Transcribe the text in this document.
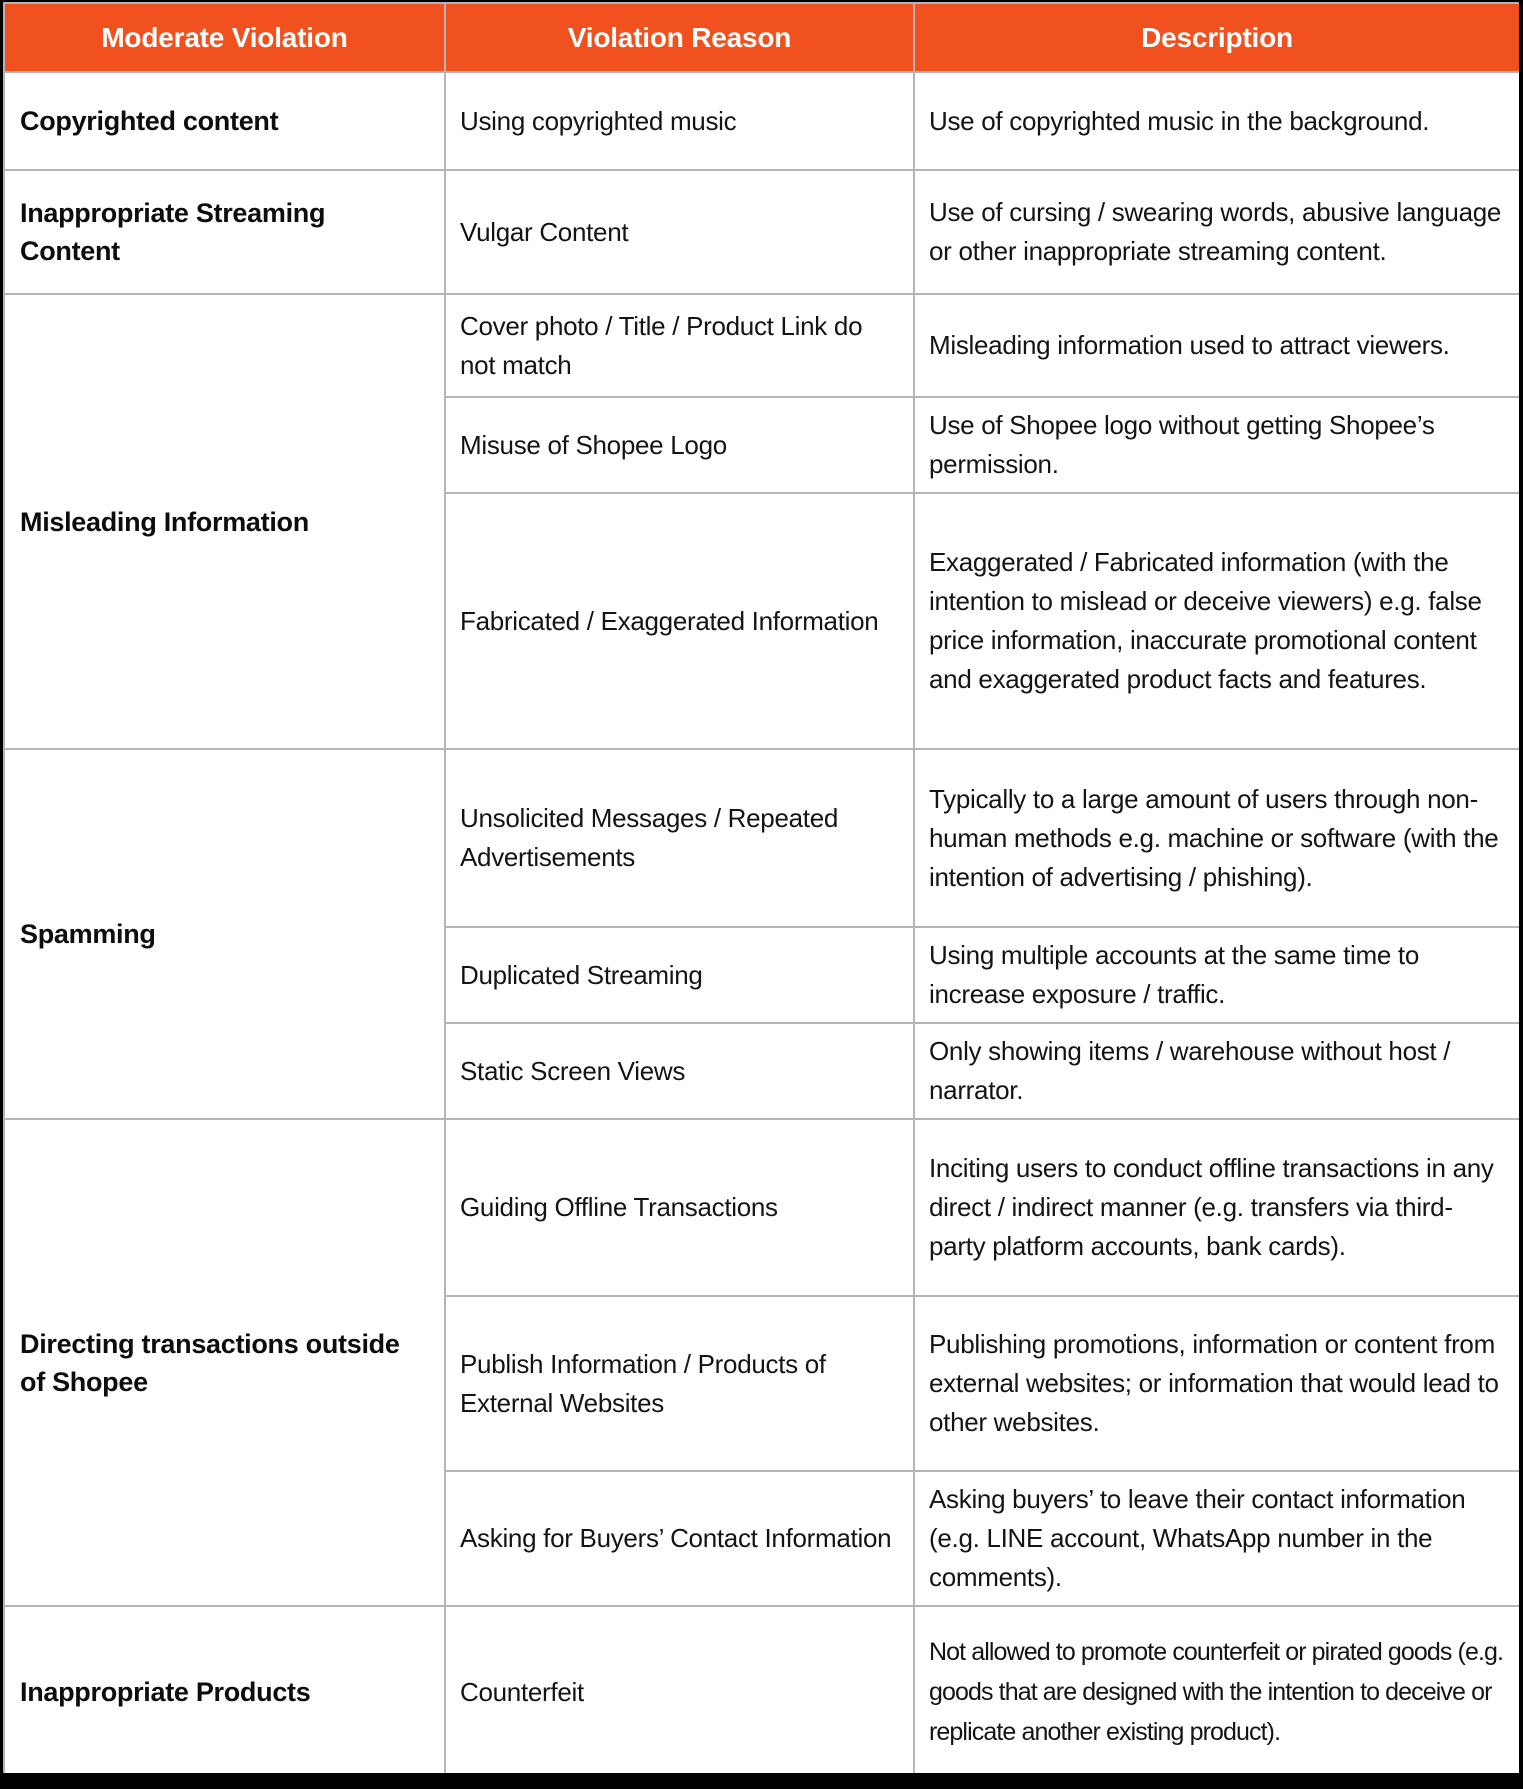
Moderate Violation	Violation Reason	Description
Copyrighted content	Using copyrighted music	Use of copyrighted music in the background.
Inappropriate Streaming Content	Vulgar Content	Use of cursing / swearing words, abusive language or other inappropriate streaming content.
Misleading Information	Cover photo / Title / Product Link do not match	Misleading information used to attract viewers.
	Misuse of Shopee Logo	Use of Shopee logo without getting Shopee’s permission.
	Fabricated / Exaggerated Information	Exaggerated / Fabricated information (with the intention to mislead or deceive viewers) e.g. false price information, inaccurate promotional content and exaggerated product facts and features.
Spamming	Unsolicited Messages / Repeated Advertisements	Typically to a large amount of users through non-human methods e.g. machine or software (with the intention of advertising / phishing).
	Duplicated Streaming	Using multiple accounts at the same time to increase exposure / traffic.
	Static Screen Views	Only showing items / warehouse without host / narrator.
Directing transactions outside of Shopee	Guiding Offline Transactions	Inciting users to conduct offline transactions in any direct / indirect manner (e.g. transfers via third-party platform accounts, bank cards).
	Publish Information / Products of External Websites	Publishing promotions, information or content from external websites; or information that would lead to other websites.
	Asking for Buyers’ Contact Information	Asking buyers’ to leave their contact information (e.g. LINE account, WhatsApp number in the comments).
Inappropriate Products	Counterfeit	Not allowed to promote counterfeit or pirated goods (e.g. goods that are designed with the intention to deceive or replicate another existing product).
